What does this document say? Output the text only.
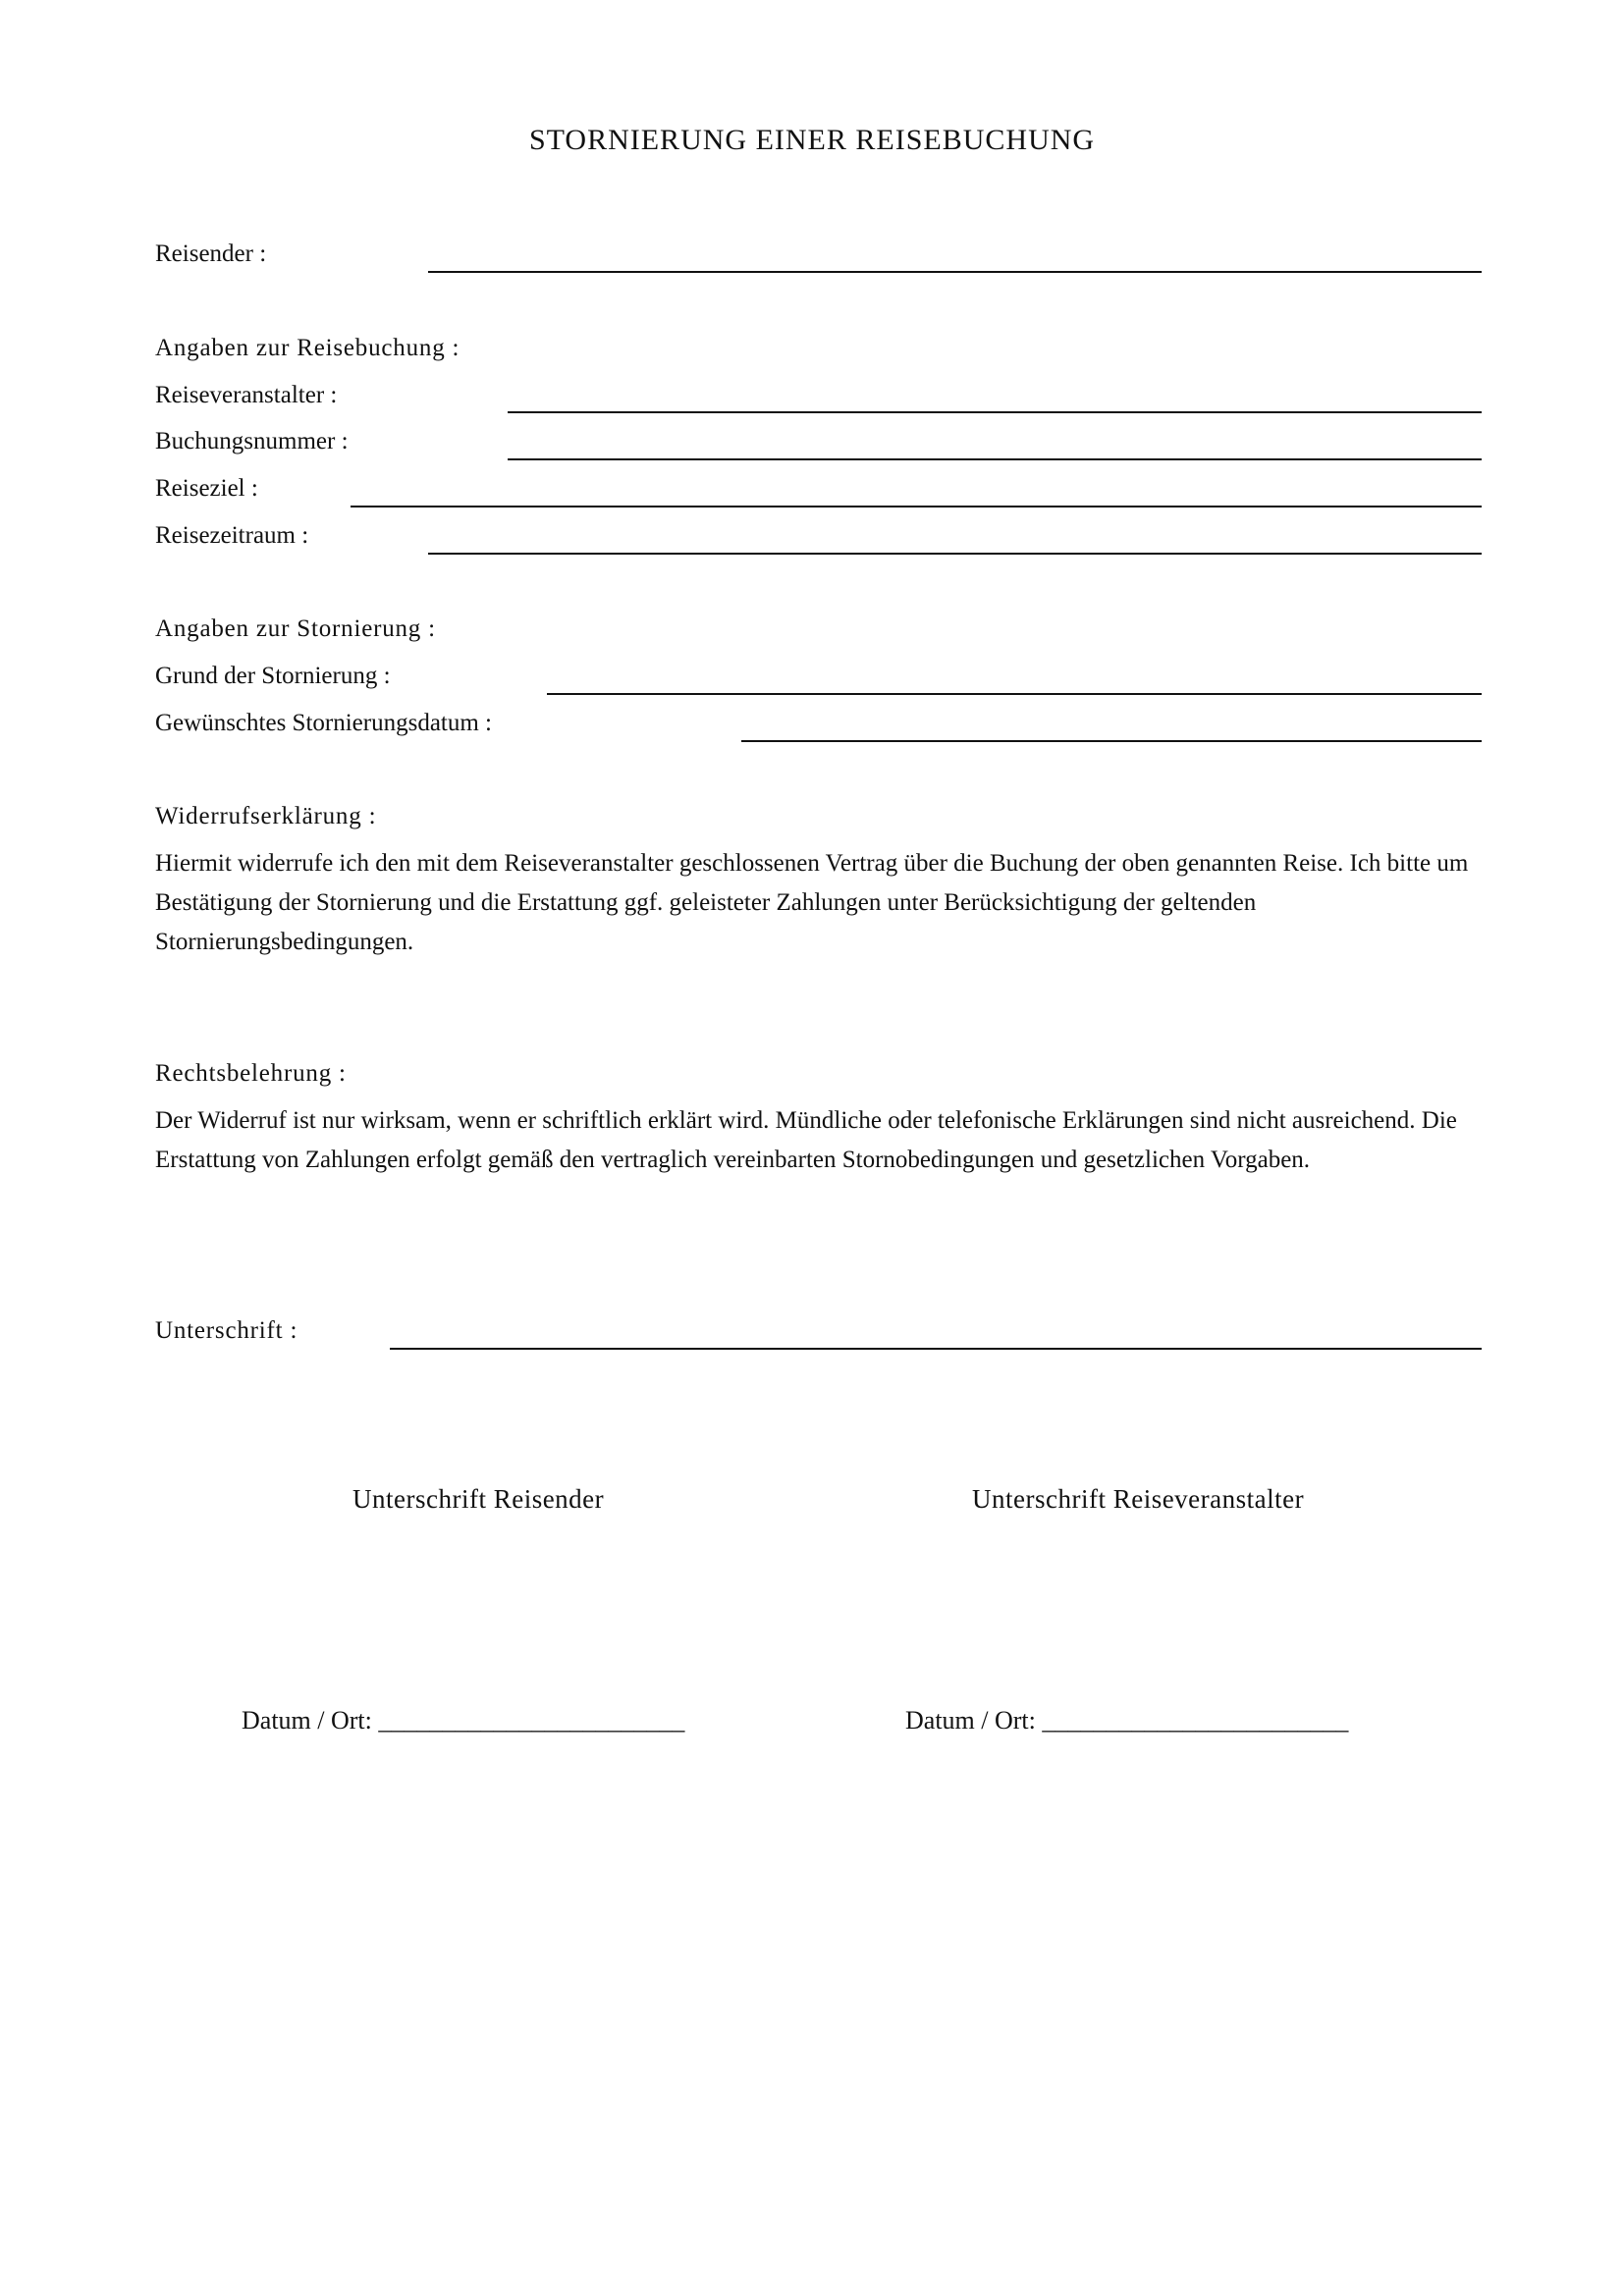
STORNIERUNG EINER REISEBUCHUNG
Reisender :
Angaben zur Reisebuchung :
Reiseveranstalter :
Buchungsnummer :
Reiseziel :
Reisezeitraum :
Angaben zur Stornierung :
Grund der Stornierung :
Gewünschtes Stornierungsdatum :
Widerrufserklärung :
Hiermit widerrufe ich den mit dem Reiseveranstalter geschlossenen Vertrag über die Buchung der oben genannten Reise. Ich bitte um Bestätigung der Stornierung und die Erstattung ggf. geleisteter Zahlungen unter Berücksichtigung der geltenden Stornierungsbedingungen.
Rechtsbelehrung :
Der Widerruf ist nur wirksam, wenn er schriftlich erklärt wird. Mündliche oder telefonische Erklärungen sind nicht ausreichend. Die Erstattung von Zahlungen erfolgt gemäß den vertraglich vereinbarten Stornobedingungen und gesetzlichen Vorgaben.
Unterschrift :
Unterschrift Reisender	Unterschrift Reiseveranstalter
Datum / Ort: ________________________	Datum / Ort: ________________________
